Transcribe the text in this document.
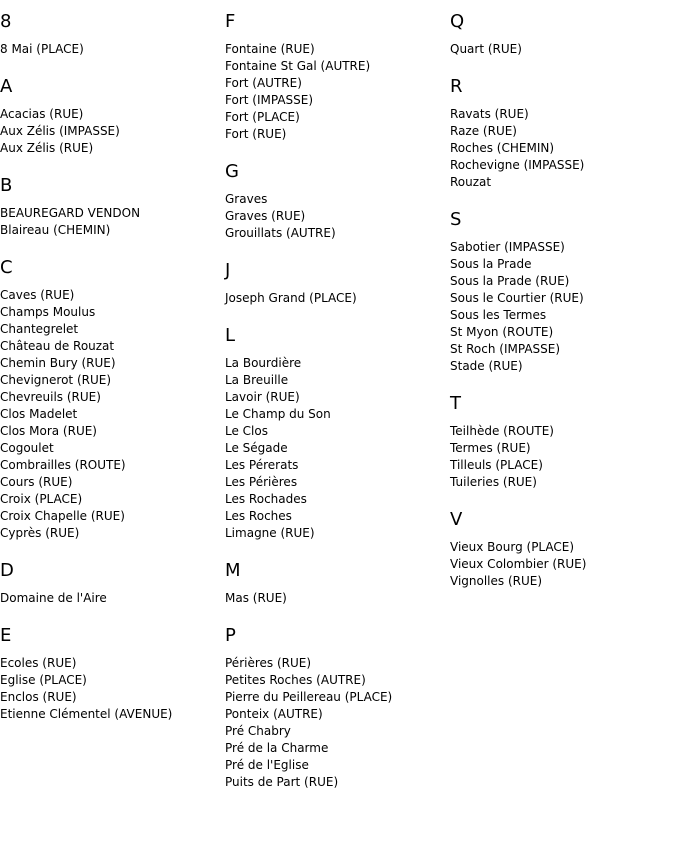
8
8 Mai (PLACE)
A
Acacias (RUE)
Aux Zélis (IMPASSE)
Aux Zélis (RUE)
B
BEAUREGARD VENDON
Blaireau (CHEMIN)
C
Caves (RUE)
Champs Moulus
Chantegrelet
Château de Rouzat
Chemin Bury (RUE)
Chevignerot (RUE)
Chevreuils (RUE)
Clos Madelet
Clos Mora (RUE)
Cogoulet
Combrailles (ROUTE)
Cours (RUE)
Croix (PLACE)
Croix Chapelle (RUE)
Cyprès (RUE)
D
Domaine de l'Aire
E
Ecoles (RUE)
Eglise (PLACE)
Enclos (RUE)
Etienne Clémentel (AVENUE)
F
Fontaine (RUE)
Fontaine St Gal (AUTRE)
Fort (AUTRE)
Fort (IMPASSE)
Fort (PLACE)
Fort (RUE)
G
Graves
Graves (RUE)
Grouillats (AUTRE)
J
Joseph Grand (PLACE)
L
La Bourdière
La Breuille
Lavoir (RUE)
Le Champ du Son
Le Clos
Le Ségade
Les Pérerats
Les Périères
Les Rochades
Les Roches
Limagne (RUE)
M
Mas (RUE)
P
Périères (RUE)
Petites Roches (AUTRE)
Pierre du Peillereau (PLACE)
Ponteix (AUTRE)
Pré Chabry
Pré de la Charme
Pré de l'Eglise
Puits de Part (RUE)
Q
Quart (RUE)
R
Ravats (RUE)
Raze (RUE)
Roches (CHEMIN)
Rochevigne (IMPASSE)
Rouzat
S
Sabotier (IMPASSE)
Sous la Prade
Sous la Prade (RUE)
Sous le Courtier (RUE)
Sous les Termes
St Myon (ROUTE)
St Roch (IMPASSE)
Stade (RUE)
T
Teilhède (ROUTE)
Termes (RUE)
Tilleuls (PLACE)
Tuileries (RUE)
V
Vieux Bourg (PLACE)
Vieux Colombier (RUE)
Vignolles (RUE)
